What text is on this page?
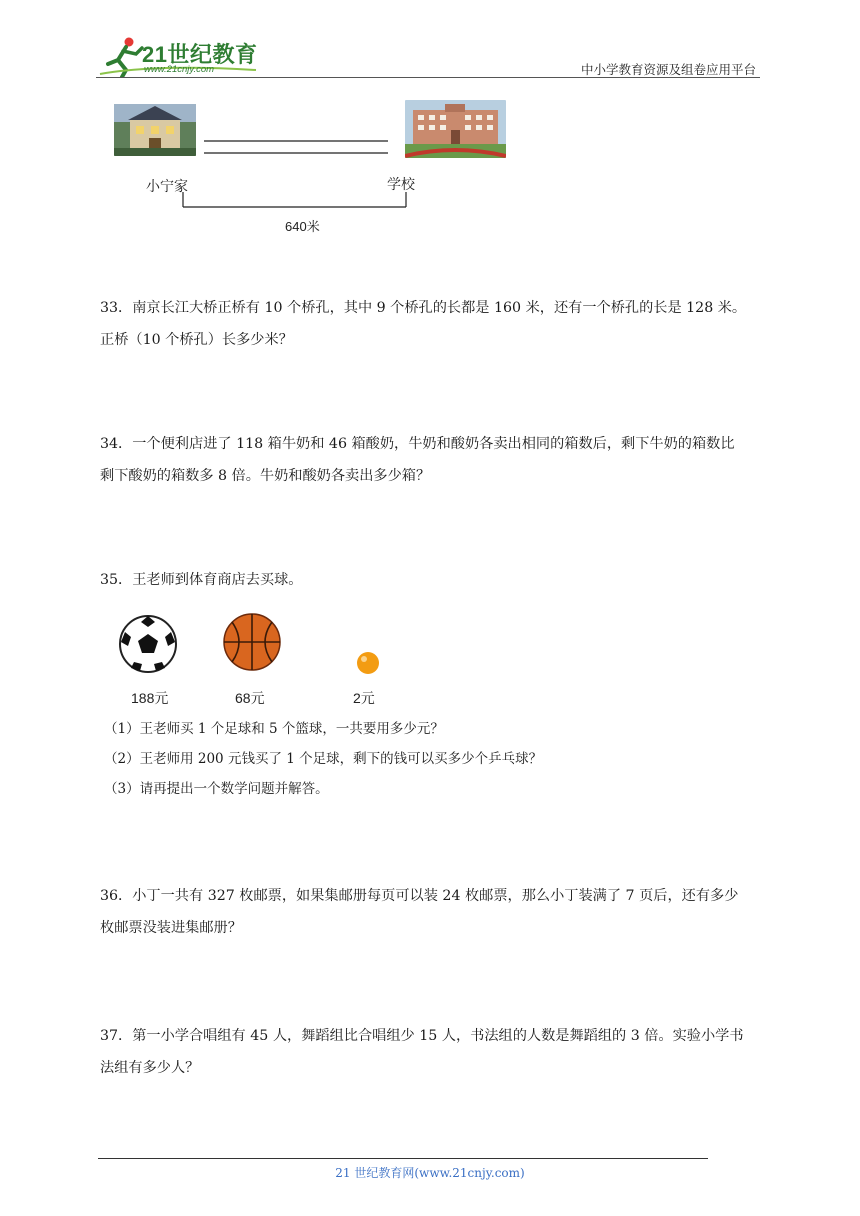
21世纪教育
www.21cnjy.com	中小学教育资源及组卷应用平台
小宁家	学校
640米
33．南京长江大桥正桥有 10 个桥孔，其中 9 个桥孔的长都是 160 米，还有一个桥孔的长是 128 米。
正桥（10 个桥孔）长多少米？
34．一个便利店进了 118 箱牛奶和 46 箱酸奶，牛奶和酸奶各卖出相同的箱数后，剩下牛奶的箱数比
剩下酸奶的箱数多 8 倍。牛奶和酸奶各卖出多少箱？
35．王老师到体育商店去买球。
188元	68元	2元
（1）王老师买 1 个足球和 5 个篮球，一共要用多少元？
（2）王老师用 200 元钱买了 1 个足球，剩下的钱可以买多少个乒乓球？
（3）请再提出一个数学问题并解答。
36．小丁一共有 327 枚邮票，如果集邮册每页可以装 24 枚邮票，那么小丁装满了 7 页后，还有多少
枚邮票没装进集邮册？
37．第一小学合唱组有 45 人，舞蹈组比合唱组少 15 人，书法组的人数是舞蹈组的 3 倍。实验小学书
法组有多少人？
21 世纪教育网(www.21cnjy.com)
